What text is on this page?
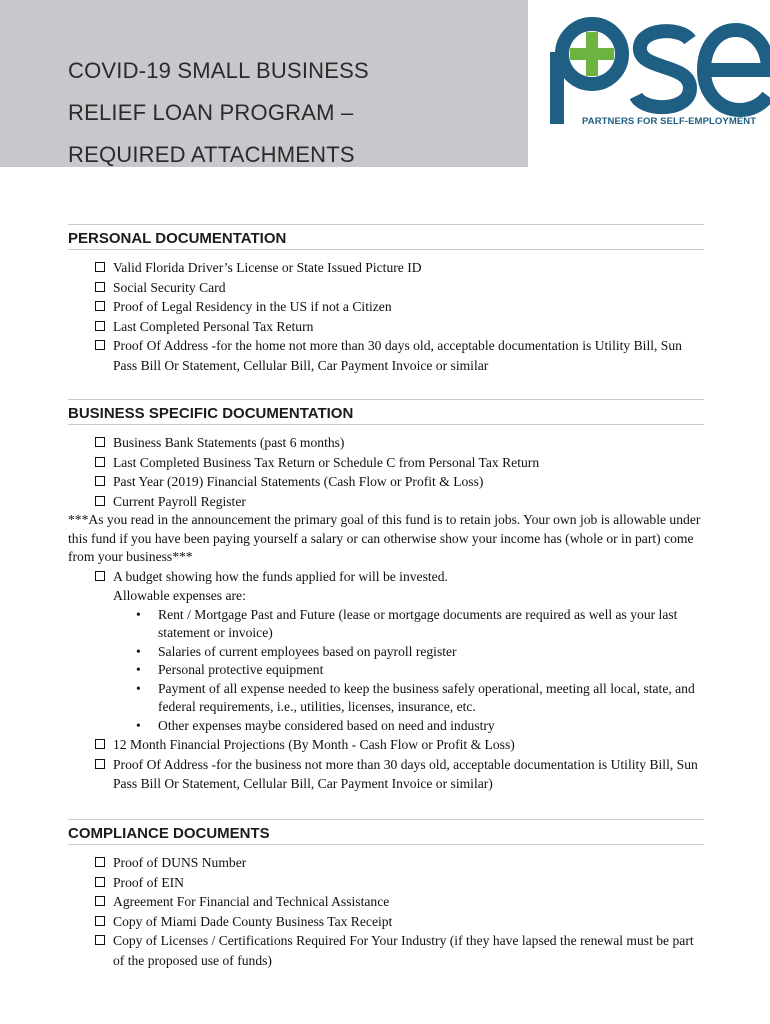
COVID-19 SMALL BUSINESS
RELIEF LOAN PROGRAM –
REQUIRED ATTACHMENTS
PARTNERS FOR SELF-EMPLOYMENT
PERSONAL DOCUMENTATION
Valid Florida Driver’s License or State Issued Picture ID
Social Security Card
Proof of Legal Residency in the US if not a Citizen
Last Completed Personal Tax Return
Proof Of Address -for the home not more than 30 days old, acceptable documentation is Utility Bill, Sun Pass Bill Or Statement, Cellular Bill, Car Payment Invoice or similar
BUSINESS SPECIFIC DOCUMENTATION
Business Bank Statements (past 6 months)
Last Completed Business Tax Return or Schedule C from Personal Tax Return
Past Year (2019) Financial Statements (Cash Flow or Profit & Loss)
Current Payroll Register
***As you read in the announcement the primary goal of this fund is to retain jobs. Your own job is allowable under this fund if you have been paying yourself a salary or can otherwise show your income has (whole or in part) come from your business***
A budget showing how the funds applied for will be invested.
Allowable expenses are:
• Rent / Mortgage Past and Future (lease or mortgage documents are required as well as your last statement or invoice)
• Salaries of current employees based on payroll register
• Personal protective equipment
• Payment of all expense needed to keep the business safely operational, meeting all local, state, and federal requirements, i.e., utilities, licenses, insurance, etc.
• Other expenses maybe considered based on need and industry
12 Month Financial Projections (By Month - Cash Flow or Profit & Loss)
Proof Of Address -for the business not more than 30 days old, acceptable documentation is Utility Bill, Sun Pass Bill Or Statement, Cellular Bill, Car Payment Invoice or similar)
COMPLIANCE DOCUMENTS
Proof of DUNS Number
Proof of EIN
Agreement For Financial and Technical Assistance
Copy of Miami Dade County Business Tax Receipt
Copy of Licenses / Certifications Required For Your Industry (if they have lapsed the renewal must be part of the proposed use of funds)
